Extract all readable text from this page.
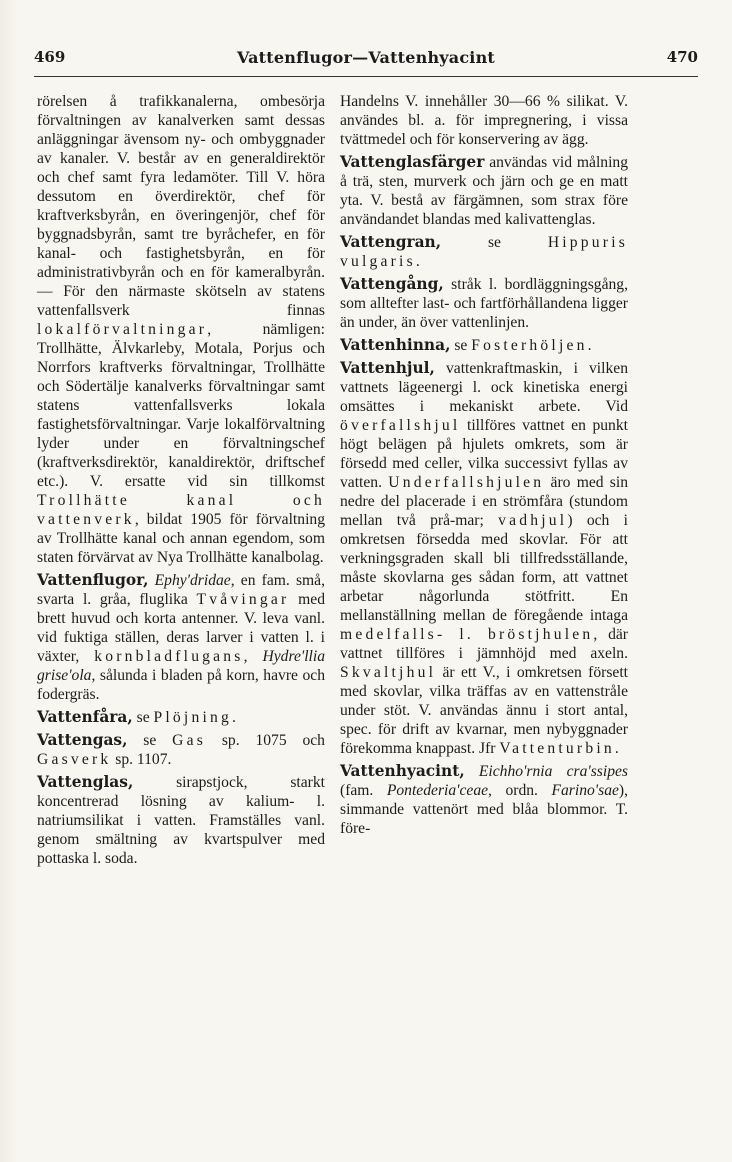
469	Vattenflugor—Vattenhyacint	470

rörelsen å trafikkanalerna, ombesörja förvaltningen av kanalverken samt dessas anläggningar ävensom ny- och ombyggnader av kanaler. V. består av en generaldirektör och chef samt fyra ledamöter. Till V. höra dessutom en överdirektör, chef för kraftverksbyrån, en överingenjör, chef för byggnadsbyrån, samt tre byråchefer, en för kanal- och fastighetsbyrån, en för administrativbyrån och en för kameralbyrån. — För den närmaste skötseln av statens vattenfallsverk finnas lokalförvaltningar, nämligen: Trollhätte, Älvkarleby, Motala, Porjus och Norrfors kraftverks förvaltningar, Trollhätte och Södertälje kanalverks förvaltningar samt statens vattenfallsverks lokala fastighetsförvaltningar. Varje lokalförvaltning lyder under en förvaltningschef (kraftverksdirektör, kanaldirektör, driftschef etc.). V. ersatte vid sin tillkomst Trollhätte kanal och vattenverk, bildat 1905 för förvaltning av Trollhätte kanal och annan egendom, som staten förvärvat av Nya Trollhätte kanalbolag.

Vattenflugor, Ephy'dridae, en fam. små, svarta l. gråa, fluglika Tvåvingar med brett huvud och korta antenner. V. leva vanl. vid fuktiga ställen, deras larver i vatten l. i växter, kornbladflugans, Hydre'llia grise'ola, sålunda i bladen på korn, havre och fodergräs.

Vattenfåra, se Plöjning.

Vattengas, se Gas sp. 1075 och Gasverk sp. 1107.

Vattenglas, sirapstjock, starkt koncentrerad lösning av kalium- l. natriumsilikat i vatten. Framställes vanl. genom smältning av kvartspulver med pottaska l. soda.

Handelns V. innehåller 30—66 % silikat. V. användes bl. a. för impregnering, i vissa tvättmedel och för konservering av ägg.

Vattenglasfärger användas vid målning å trä, sten, murverk och järn och ge en matt yta. V. bestå av färgämnen, som strax före användandet blandas med kalivattenglas.

Vattengran, se Hippuris vulgaris.

Vattengång, stråk l. bordläggningsgång, som alltefter last- och fartförhållandena ligger än under, än över vattenlinjen.

Vattenhinna, se Fosterhöljen.

Vattenhjul, vattenkraftmaskin, i vilken vattnets lägeenergi l. ock kinetiska energi omsättes i mekaniskt arbete. Vid överfallshjul tillföres vattnet en punkt högt belägen på hjulets omkrets, som är försedd med celler, vilka successivt fyllas av vatten. Underfallshjulen äro med sin nedre del placerade i en strömfåra (stundom mellan två prå-mar; vadhjul) och i omkretsen försedda med skovlar. För att verkningsgraden skall bli tillfredsställande, måste skovlarna ges sådan form, att vattnet arbetar någorlunda stötfritt. En mellanställning mellan de föregående intaga medelfalls- l. bröstjhulen, där vattnet tillföres i jämnhöjd med axeln. Skvaltjhul är ett V., i omkretsen försett med skovlar, vilka träffas av en vattenstråle under stöt. V. användas ännu i stort antal, spec. för drift av kvarnar, men nybyggnader förekomma knappast. Jfr Vattenturbin.

Vattenhyacint, Eichho'rnia cra'ssipes (fam. Pontederia'ceae, ordn. Farino'sae), simmande vattenört med blåa blommor. T. före-
